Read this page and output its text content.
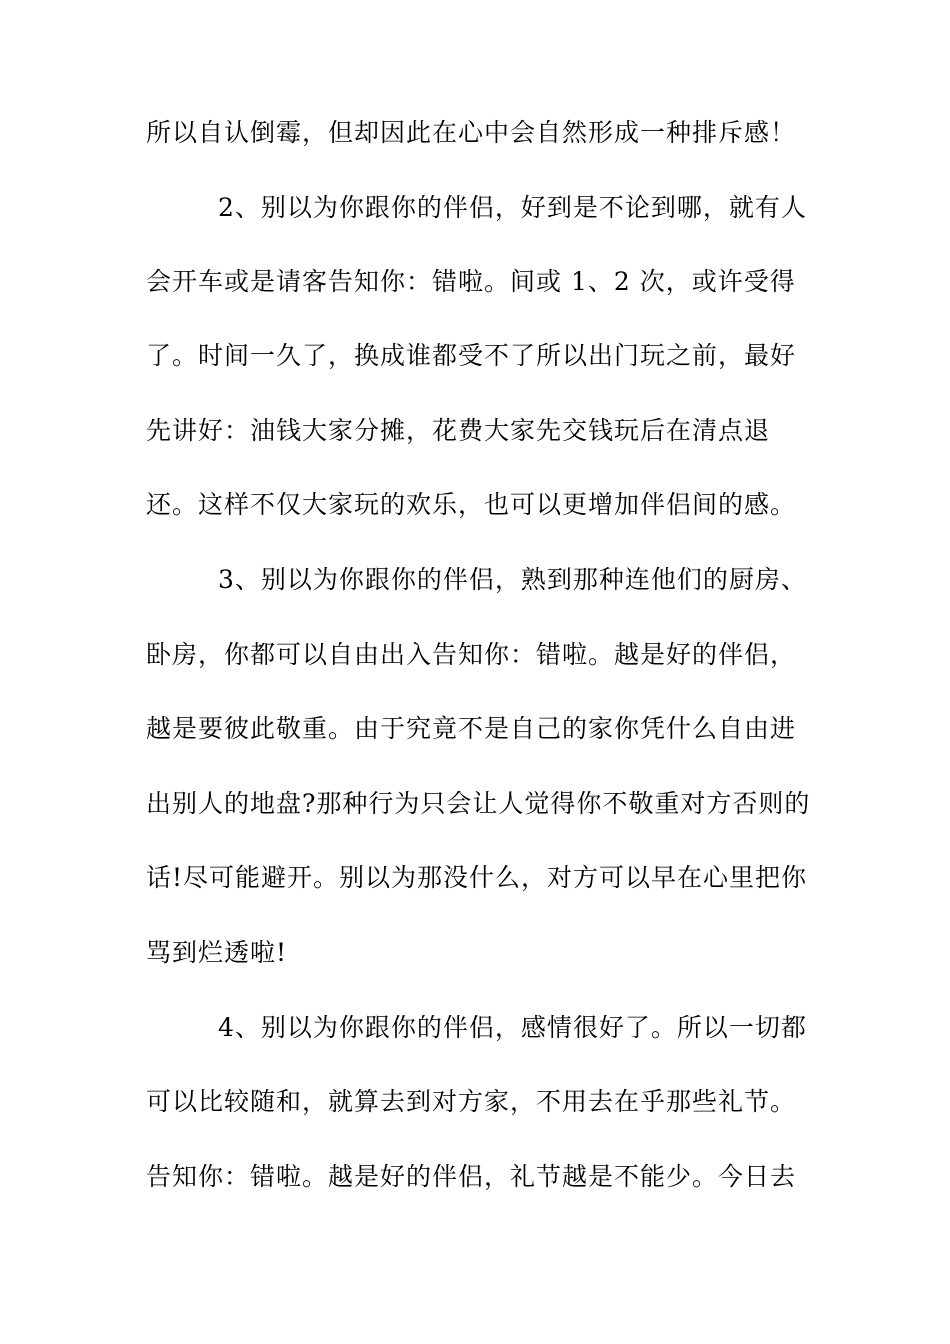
所以自认倒霉，但却因此在心中会自然形成一种排斥感！
2、别以为你跟你的伴侣，好到是不论到哪，就有人
会开车或是请客告知你：错啦。间或 1、2 次，或许受得
了。时间一久了，换成谁都受不了所以出门玩之前，最好
先讲好：油钱大家分摊，花费大家先交钱玩后在清点退
还。这样不仅大家玩的欢乐，也可以更增加伴侣间的感。
3、别以为你跟你的伴侣，熟到那种连他们的厨房、
卧房，你都可以自由出入告知你：错啦。越是好的伴侣，
越是要彼此敬重。由于究竟不是自己的家你凭什么自由进
出别人的地盘?那种行为只会让人觉得你不敬重对方否则的
话!尽可能避开。别以为那没什么，对方可以早在心里把你
骂到烂透啦!
4、别以为你跟你的伴侣，感情很好了。所以一切都
可以比较随和，就算去到对方家，不用去在乎那些礼节。
告知你：错啦。越是好的伴侣，礼节越是不能少。今日去
